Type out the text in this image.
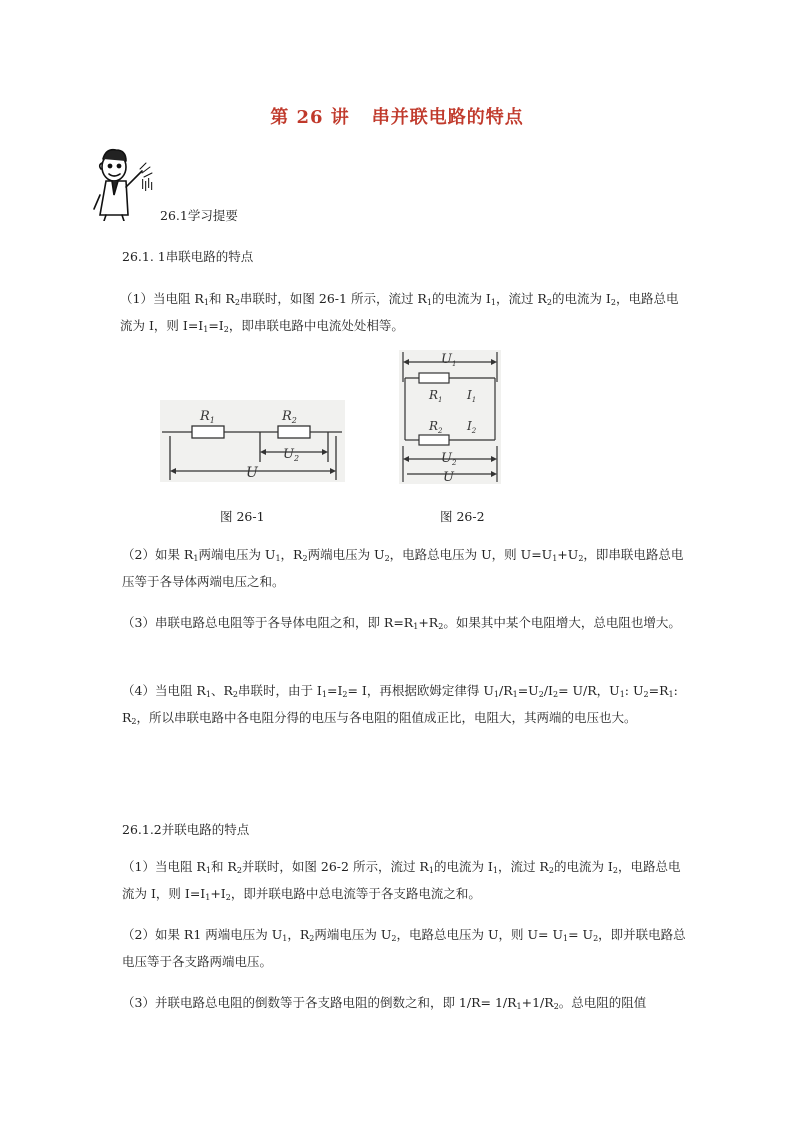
第 26 讲 串并联电路的特点
26.1学习提要
26.1. 1串联电路的特点
（1）当电阻 $R_1$和 $R_2$串联时，如图 26-1 所示，流过 $R_1$的电流为 $I_1$，流过 $R_2$的电流为 $I_2$，电路总电流为 I，则 $I=I_1=I_2$，即串联电路中电流处处相等。
$R_1$	$R_2$
$U_2$
U
$U_1$
$R_1$ $I_1$
$R_2$ $I_2$
$U_2$
U
图 26-1	图 26-2
（2）如果 $R_1$两端电压为 $U_1$，$R_2$两端电压为 $U_2$，电路总电压为 U，则 $U=U_1+U_2$，即串联电路总电压等于各导体两端电压之和。
（3）串联电路总电阻等于各导体电阻之和，即 $R=R_1+R_2$。如果其中某个电阻增大，总电阻也增大。
（4）当电阻 $R_1$、$R_2$串联时，由于 $I_1=I_2= I$，再根据欧姆定律得 $U_1/R_1=U_2/I_2= U/R$，$U_1$: $U_2=R_1$: $R_2$，所以串联电路中各电阻分得的电压与各电阻的阻值成正比，电阻大，其两端的电压也大。
26.1.2并联电路的特点
（1）当电阻 $R_1$和 $R_2$并联时，如图 26-2 所示，流过 $R_1$的电流为 $I_1$，流过 $R_2$的电流为 $I_2$，电路总电流为 I，则 $I=I_1+I_2$，即并联电路中总电流等于各支路电流之和。
（2）如果 R1 两端电压为 $U_1$，$R_2$两端电压为 $U_2$，电路总电压为 U，则 $U= U_1= U_2$，即并联电路总电压等于各支路两端电压。
（3）并联电路总电阻的倒数等于各支路电阻的倒数之和，即 $1/R= 1/R_1+1/R_2$。总电阻的阻值
